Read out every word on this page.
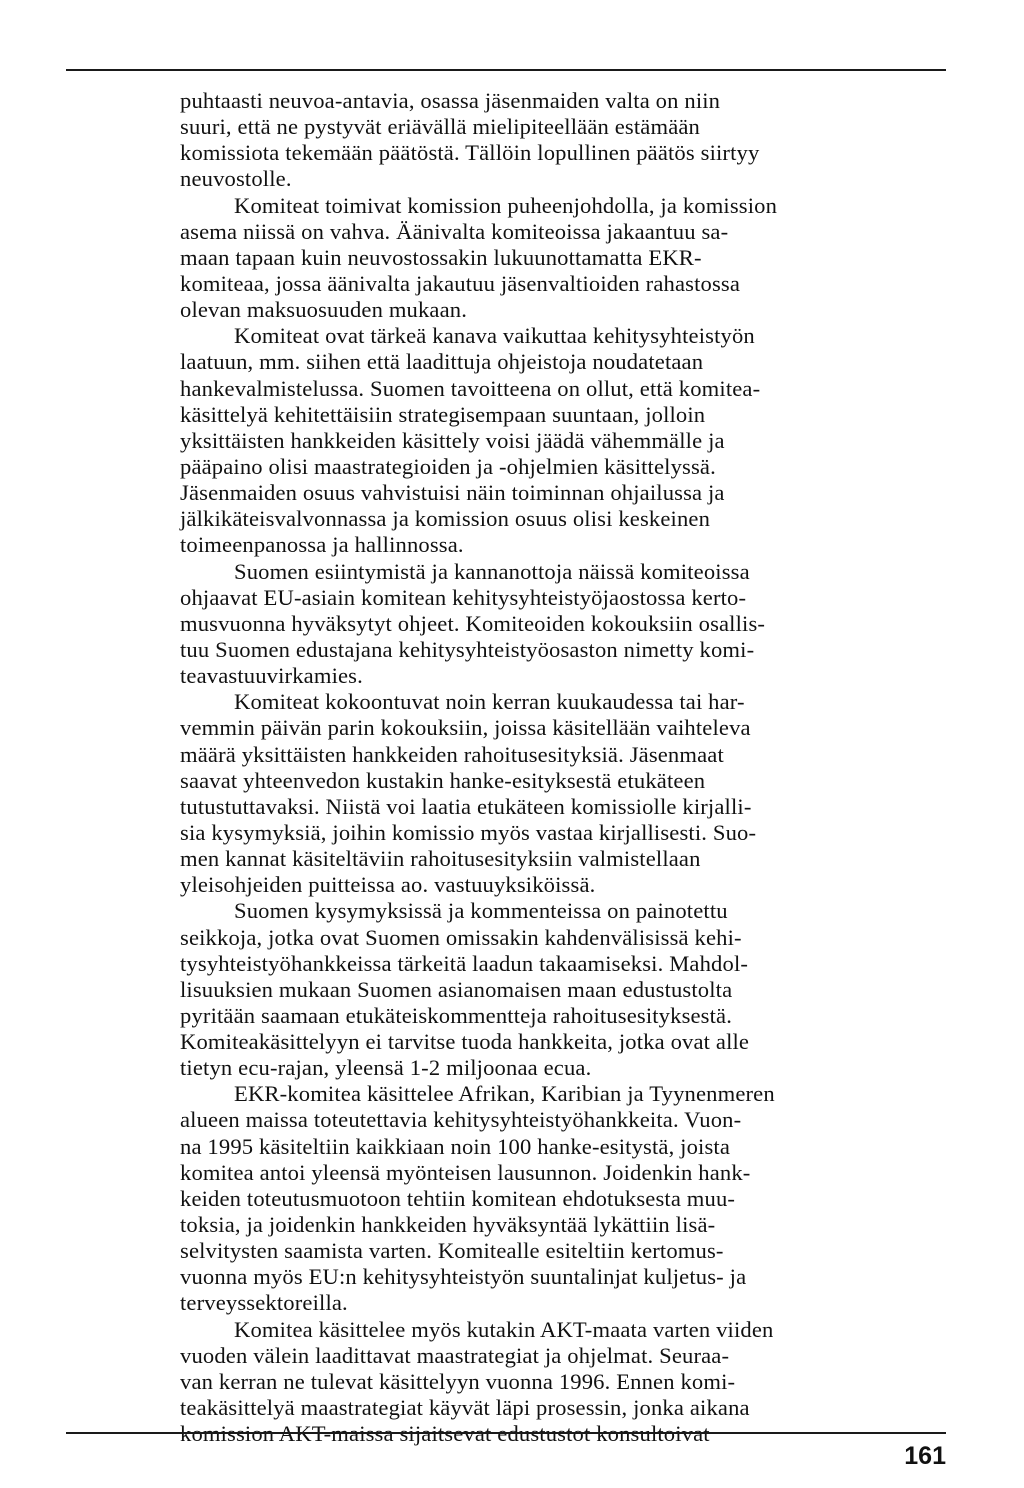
puhtaasti neuvoa-antavia, osassa jäsenmaiden valta on niin
suuri, että ne pystyvät eriävällä mielipiteellään estämään
komissiota tekemään päätöstä. Tällöin lopullinen päätös siirtyy
neuvostolle.
Komiteat toimivat komission puheenjohdolla, ja komission
asema niissä on vahva. Äänivalta komiteoissa jakaantuu sa-
maan tapaan kuin neuvostossakin lukuunottamatta EKR-
komiteaa, jossa äänivalta jakautuu jäsenvaltioiden rahastossa
olevan maksuosuuden mukaan.
Komiteat ovat tärkeä kanava vaikuttaa kehitysyhteistyön
laatuun, mm. siihen että laadittuja ohjeistoja noudatetaan
hankevalmistelussa. Suomen tavoitteena on ollut, että komitea-
käsittelyä kehitettäisiin strategisempaan suuntaan, jolloin
yksittäisten hankkeiden käsittely voisi jäädä vähemmälle ja
pääpaino olisi maastrategioiden ja -ohjelmien käsittelyssä.
Jäsenmaiden osuus vahvistuisi näin toiminnan ohjailussa ja
jälkikäteisvalvonnassa ja komission osuus olisi keskeinen
toimeenpanossa ja hallinnossa.
Suomen esiintymistä ja kannanottoja näissä komiteoissa
ohjaavat EU-asiain komitean kehitysyhteistyöjaostossa kerto-
musvuonna hyväksytyt ohjeet. Komiteoiden kokouksiin osallis-
tuu Suomen edustajana kehitysyhteistyöosaston nimetty komi-
teavastuuvirkamies.
Komiteat kokoontuvat noin kerran kuukaudessa tai har-
vemmin päivän parin kokouksiin, joissa käsitellään vaihteleva
määrä yksittäisten hankkeiden rahoitusesityksiä. Jäsenmaat
saavat yhteenvedon kustakin hanke-esityksestä etukäteen
tutustuttavaksi. Niistä voi laatia etukäteen komissiolle kirjalli-
sia kysymyksiä, joihin komissio myös vastaa kirjallisesti. Suo-
men kannat käsiteltäviin rahoitusesityksiin valmistellaan
yleisohjeiden puitteissa ao. vastuuyksiköissä.
Suomen kysymyksissä ja kommenteissa on painotettu
seikkoja, jotka ovat Suomen omissakin kahdenvälisissä kehi-
tysyhteistyöhankkeissa tärkeitä laadun takaamiseksi. Mahdol-
lisuuksien mukaan Suomen asianomaisen maan edustustolta
pyritään saamaan etukäteiskommentteja rahoitusesityksestä.
Komiteakäsittelyyn ei tarvitse tuoda hankkeita, jotka ovat alle
tietyn ecu-rajan, yleensä 1-2 miljoonaa ecua.
EKR-komitea käsittelee Afrikan, Karibian ja Tyynenmeren
alueen maissa toteutettavia kehitysyhteistyöhankkeita. Vuon-
na 1995 käsiteltiin kaikkiaan noin 100 hanke-esitystä, joista
komitea antoi yleensä myönteisen lausunnon. Joidenkin hank-
keiden toteutusmuotoon tehtiin komitean ehdotuksesta muu-
toksia, ja joidenkin hankkeiden hyväksyntää lykättiin lisä-
selvitysten saamista varten. Komitealle esiteltiin kertomus-
vuonna myös EU:n kehitysyhteistyön suuntalinjat kuljetus- ja
terveyssektoreilla.
Komitea käsittelee myös kutakin AKT-maata varten viiden
vuoden välein laadittavat maastrategiat ja ohjelmat. Seuraa-
van kerran ne tulevat käsittelyyn vuonna 1996. Ennen komi-
teakäsittelyä maastrategiat käyvät läpi prosessin, jonka aikana
komission AKT-maissa sijaitsevat edustustot konsultoivat
161
